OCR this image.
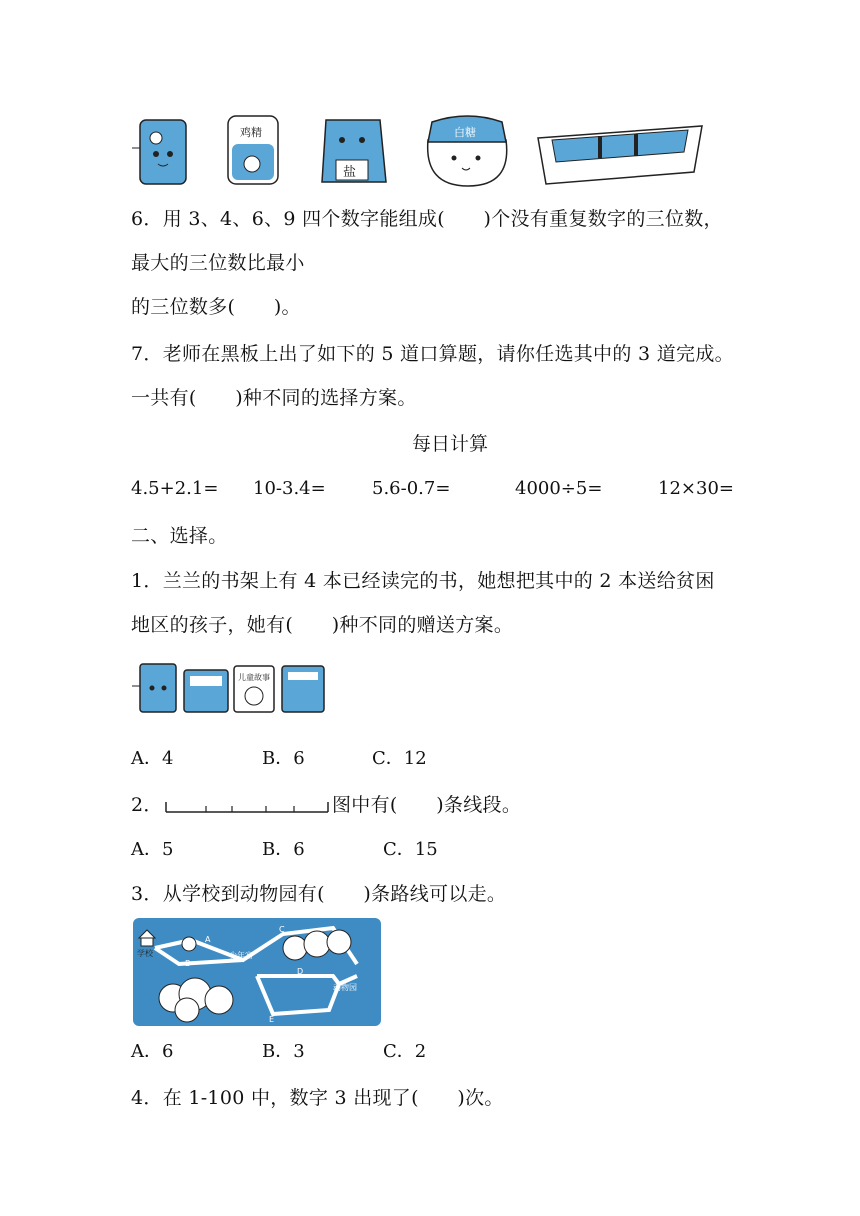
鸡精
盐
白糖
6．用 3、4、6、9 四个数字能组成(　　)个没有重复数字的三位数，
最大的三位数比最小
的三位数多(　　)。
7．老师在黑板上出了如下的 5 道口算题，请你任选其中的 3 道完成。
一共有(　　)种不同的选择方案。
每日计算
4.5+2.1= 10-3.4=	5.6-0.7=	4000÷5=	12×30=
二、选择。
1．兰兰的书架上有 4 本已经读完的书，她想把其中的 2 本送给贫困
地区的孩子，她有(　　)种不同的赠送方案。
儿童故事
A．4	B．6	C．12
2．	图中有(　　)条线段。
A．5	B．6	C．15
3．从学校到动物园有(　　)条路线可以走。
学校	少年宫
动物园
A
B
C
D
E
A．6	B．3	C．2
4．在 1-100 中，数字 3 出现了(　　)次。
